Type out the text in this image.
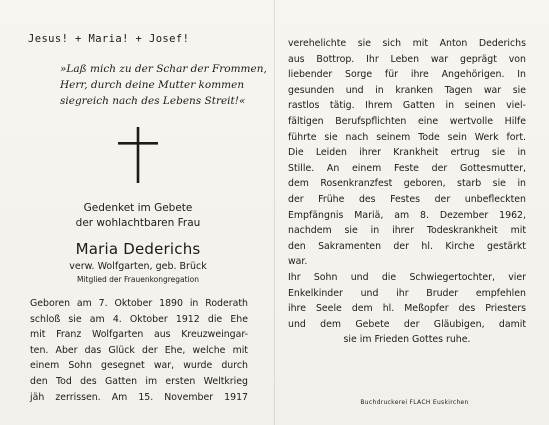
Jesus! + Maria! + Josef!
»Laß mich zu der Schar der Frommen,
Herr, durch deine Mutter kommen
siegreich nach des Lebens Streit!«
Gedenket im Gebete
der wohlachtbaren Frau
Maria Dederichs
verw. Wolfgarten, geb. Brück
Mitglied der Frauenkongregation
Geboren am 7. Oktober 1890 in Roderath
schloß sie am 4. Oktober 1912 die Ehe
mit Franz Wolfgarten aus Kreuzweingar-
ten. Aber das Glück der Ehe, welche mit
einem Sohn gesegnet war, wurde durch
den Tod des Gatten im ersten Weltkrieg
jäh zerrissen. Am 15. November 1917
verehelichte sie sich mit Anton Dederichs
aus Bottrop. Ihr Leben war geprägt von
liebender Sorge für ihre Angehörigen. In
gesunden und in kranken Tagen war sie
rastlos tätig. Ihrem Gatten in seinen viel-
fältigen Berufspflichten eine wertvolle Hilfe
führte sie nach seinem Tode sein Werk fort.
Die Leiden ihrer Krankheit ertrug sie in
Stille. An einem Feste der Gottesmutter,
dem Rosenkranzfest geboren, starb sie in
der Frühe des Festes der unbefleckten
Empfängnis Mariä, am 8. Dezember 1962,
nachdem sie in ihrer Todeskrankheit mit
den Sakramenten der hl. Kirche gestärkt
war.
Ihr Sohn und die Schwiegertochter, vier
Enkelkinder und ihr Bruder empfehlen
ihre Seele dem hl. Meßopfer des Priesters
und dem Gebete der Gläubigen, damit
sie im Frieden Gottes ruhe.
Buchdruckerei FLACH Euskirchen
